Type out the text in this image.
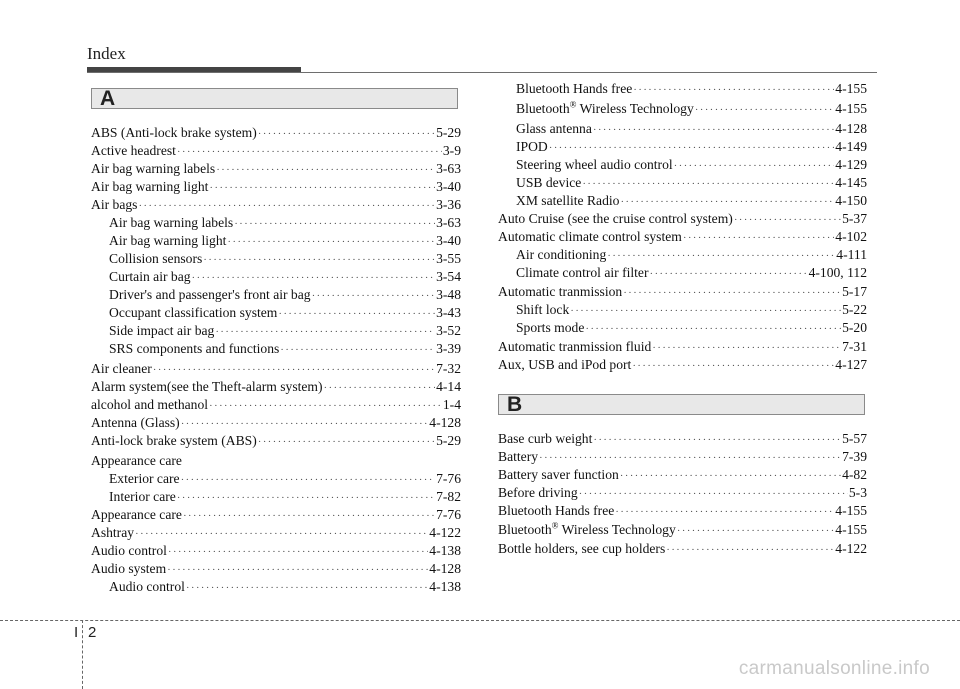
Index
A
ABS (Anti-lock brake system) ·····	5-29
Active headrest ·····	3-9
Air bag warning labels ·····	3-63
Air bag warning light ·····	3-40
Air bags ·····	3-36
Air bag warning labels ·····	3-63
Air bag warning light ·····	3-40
Collision sensors ·····	3-55
Curtain air bag ·····	3-54
Driver's and passenger's front air bag ·····	3-48
Occupant classification system ·····	3-43
Side impact air bag ·····	3-52
SRS components and functions ·····	3-39
Air cleaner ·····	7-32
Alarm system(see the Theft-alarm system) ·····	4-14
alcohol and methanol ·····	1-4
Antenna (Glass) ·····	4-128
Anti-lock brake system (ABS) ·····	5-29
Appearance care
Exterior care ·····	7-76
Interior care ·····	7-82
Appearance care ·····	7-76
Ashtray ·····	4-122
Audio control ·····	4-138
Audio system ·····	4-128
Audio control ·····	4-138
Bluetooth Hands free ·····	4-155
Bluetooth® Wireless Technology ·····	4-155
Glass antenna ·····	4-128
IPOD ·····	4-149
Steering wheel audio control ·····	4-129
USB device ·····	4-145
XM satellite Radio ·····	4-150
Auto Cruise (see the cruise control system) ·····	5-37
Automatic climate control system ·····	4-102
Air conditioning ·····	4-111
Climate control air filter ·····	4-100, 112
Automatic tranmission ·····	5-17
Shift lock ·····	5-22
Sports mode ·····	5-20
Automatic tranmission fluid ·····	7-31
Aux, USB and iPod port ·····	4-127
B
Base curb weight ·····	5-57
Battery ·····	7-39
Battery saver function ·····	4-82
Before driving ·····	5-3
Bluetooth Hands free ·····	4-155
Bluetooth® Wireless Technology ·····	4-155
Bottle holders, see cup holders ·····	4-122
I 2
carmanualsonline.info
